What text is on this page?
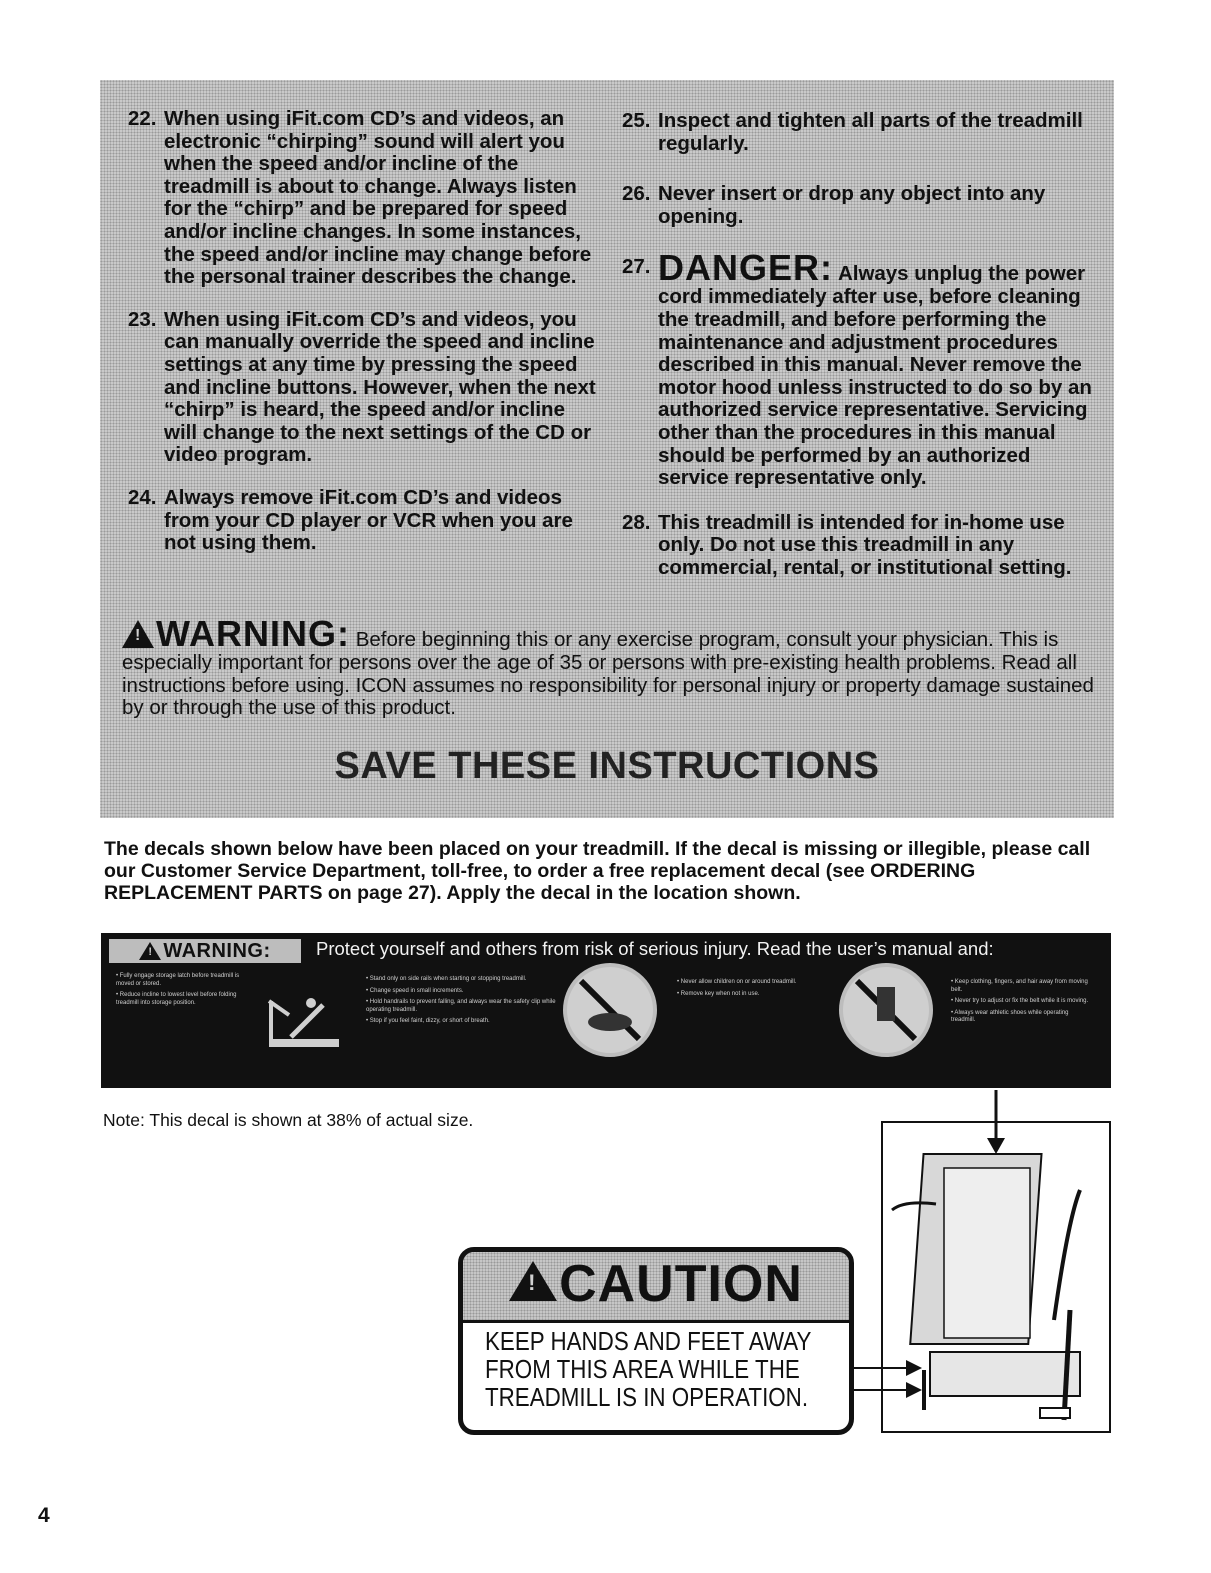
22. When using iFit.com CD’s and videos, an electronic “chirping” sound will alert you when the speed and/or incline of the treadmill is about to change. Always listen for the “chirp” and be prepared for speed and/or incline changes. In some instances, the speed and/or incline may change before the personal trainer describes the change.
23. When using iFit.com CD’s and videos, you can manually override the speed and incline settings at any time by pressing the speed and incline buttons. However, when the next “chirp” is heard, the speed and/or incline will change to the next settings of the CD or video program.
24. Always remove iFit.com CD’s and videos from your CD player or VCR when you are not using them.
25. Inspect and tighten all parts of the treadmill regularly.
26. Never insert or drop any object into any opening.
27. DANGER: Always unplug the power cord immediately after use, before cleaning the treadmill, and before performing the maintenance and adjustment procedures described in this manual. Never remove the motor hood unless instructed to do so by an authorized service representative. Servicing other than the procedures in this manual should be performed by an authorized service representative only.
28. This treadmill is intended for in-home use only. Do not use this treadmill in any commercial, rental, or institutional setting.
!WARNING: Before beginning this or any exercise program, consult your physician. This is especially important for persons over the age of 35 or persons with pre-existing health problems. Read all instructions before using. ICON assumes no responsibility for personal injury or property damage sustained by or through the use of this product.
SAVE THESE INSTRUCTIONS
The decals shown below have been placed on your treadmill. If the decal is missing or illegible, please call our Customer Service Department, toll-free, to order a free replacement decal (see ORDERING REPLACEMENT PARTS on page 27). Apply the decal in the location shown.
!
WARNING: Protect yourself and others from risk of serious injury. Read the user’s manual and:
• Fully engage storage latch before treadmill is moved or stored.
• Reduce incline to lowest level before folding treadmill into storage position.
• Stand only on side rails when starting or stopping treadmill.
• Change speed in small increments.
• Hold handrails to prevent falling, and always wear the safety clip while operating treadmill.
• Stop if you feel faint, dizzy, or short of breath.
• Never allow children on or around treadmill.
• Remove key when not in use.
• Keep clothing, fingers, and hair away from moving belt.
• Never try to adjust or fix the belt while it is moving.
• Always wear athletic shoes while operating treadmill.
Note: This decal is shown at 38% of actual size.
!CAUTION
KEEP HANDS AND FEET AWAY
FROM THIS AREA WHILE THE
TREADMILL IS IN OPERATION.
4
